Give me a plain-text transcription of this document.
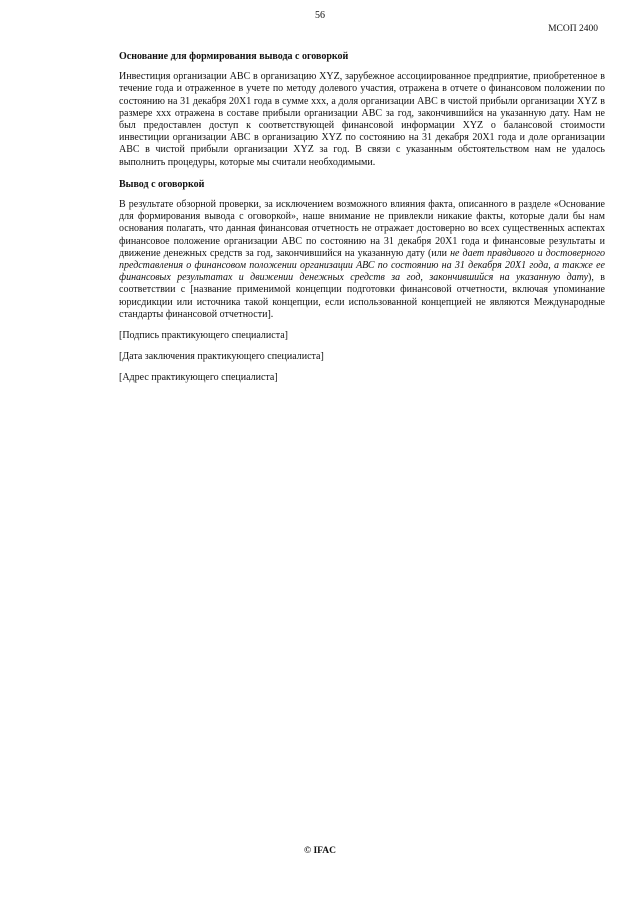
56
МСОП 2400
Основание для формирования вывода с оговоркой

Инвестиция организации АВС в организацию XYZ, зарубежное ассоциированное предприятие, приобретенное в течение года и отраженное в учете по методу долевого участия, отражена в отчете о финансовом положении по состоянию на 31 декабря 20X1 года в сумме ххх, а доля организации АВС в чистой прибыли организации XYZ в размере ххх отражена в составе прибыли организации АВС за год, закончившийся на указанную дату. Нам не был предоставлен доступ к соответствующей финансовой информации XYZ о балансовой стоимости инвестиции организации АВС в организацию XYZ по состоянию на 31 декабря 20X1 года и доле организации АВС в чистой прибыли организации XYZ за год. В связи с указанным обстоятельством нам не удалось выполнить процедуры, которые мы считали необходимыми.

Вывод с оговоркой

В результате обзорной проверки, за исключением возможного влияния факта, описанного в разделе «Основание для формирования вывода с оговоркой», наше внимание не привлекли никакие факты, которые дали бы нам основания полагать, что данная финансовая отчетность не отражает достоверно во всех существенных аспектах финансовое положение организации АВС по состоянию на 31 декабря 20X1 года и финансовые результаты и движение денежных средств за год, закончившийся на указанную дату (или не дает правдивого и достоверного представления о финансовом положении организации АВС по состоянию на 31 декабря 20X1 года, а также ее финансовых результатах и движении денежных средств за год, закончившийся на указанную дату), в соответствии с [название применимой концепции подготовки финансовой отчетности, включая упоминание юрисдикции или источника такой концепции, если использованной концепцией не являются Международные стандарты финансовой отчетности].

[Подпись практикующего специалиста]

[Дата заключения практикующего специалиста]

[Адрес практикующего специалиста]

© IFAC
